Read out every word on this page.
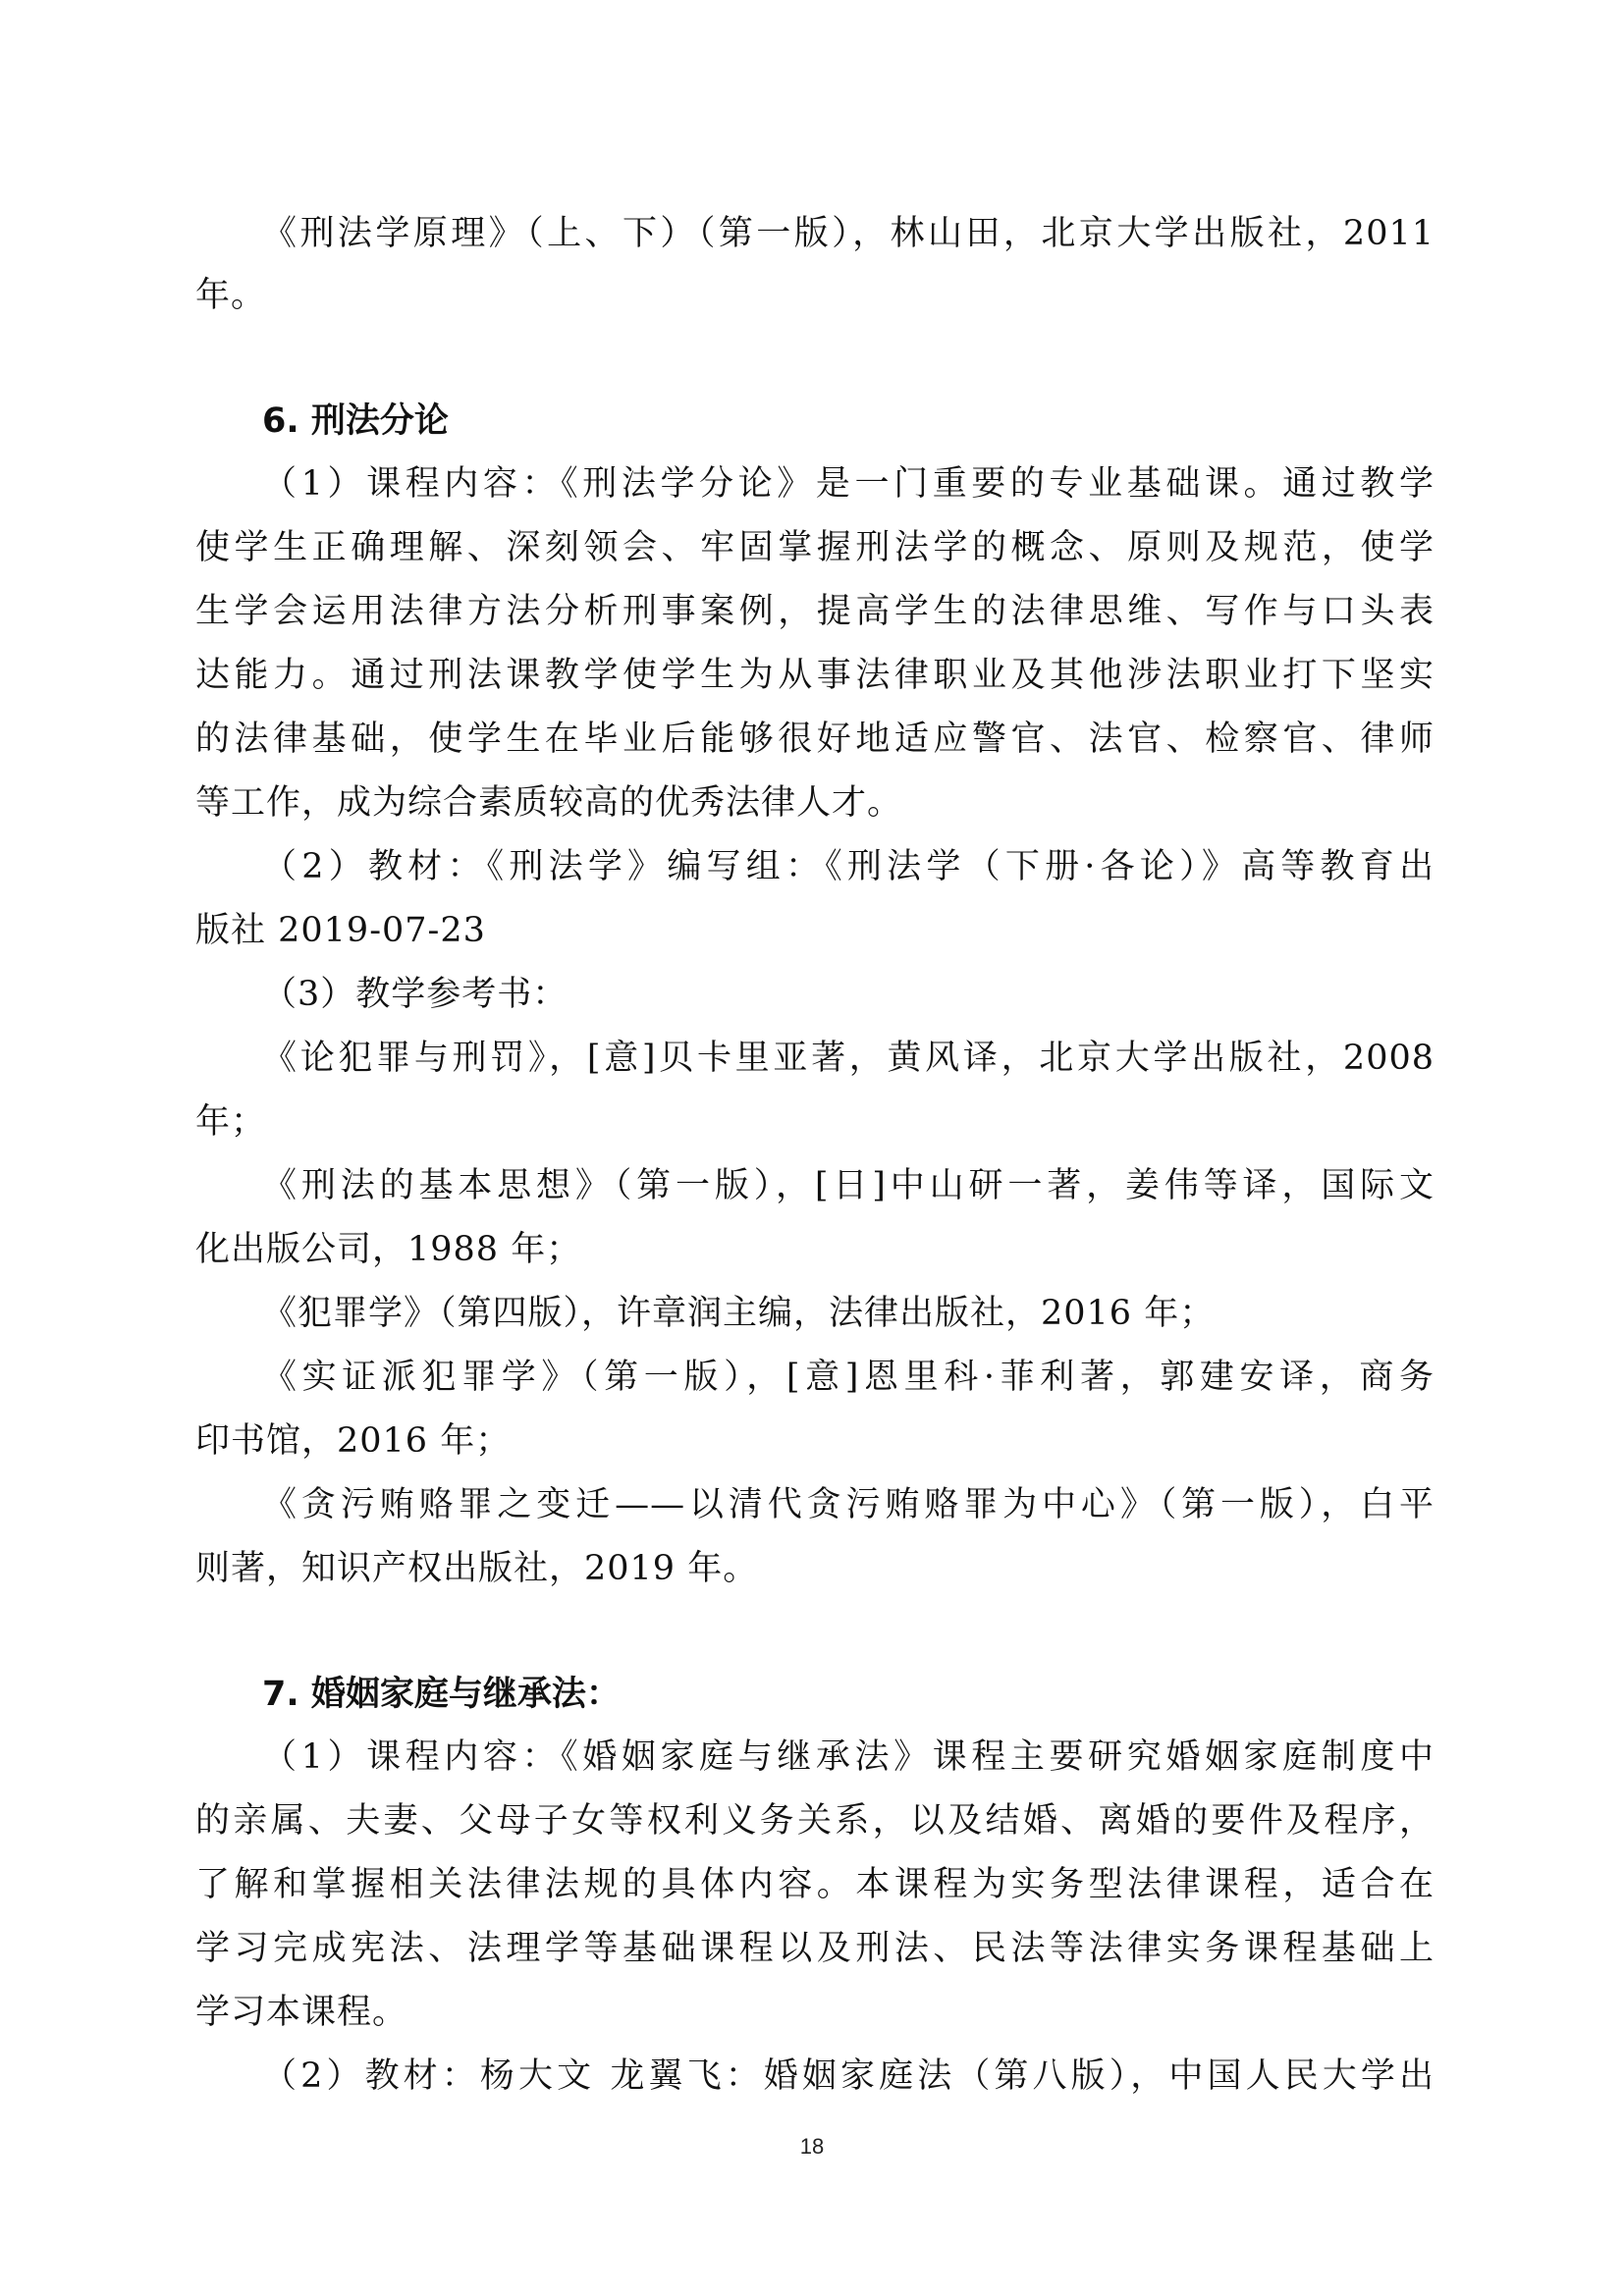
《刑法学原理》（上、下）（第一版），林山田，北京大学出版社，2011
年。
6. 刑法分论
（1）课程内容：《刑法学分论》是一门重要的专业基础课。通过教学
使学生正确理解、深刻领会、牢固掌握刑法学的概念、原则及规范，使学
生学会运用法律方法分析刑事案例，提高学生的法律思维、写作与口头表
达能力。通过刑法课教学使学生为从事法律职业及其他涉法职业打下坚实
的法律基础，使学生在毕业后能够很好地适应警官、法官、检察官、律师
等工作，成为综合素质较高的优秀法律人才。
（2）教材：《刑法学》编写组：《刑法学（下册·各论）》高等教育出
版社 2019-07-23
（3）教学参考书：
《论犯罪与刑罚》，[意]贝卡里亚著，黄风译，北京大学出版社，2008
年；
《刑法的基本思想》（第一版），[日]中山研一著，姜伟等译，国际文
化出版公司，1988 年；
《犯罪学》（第四版），许章润主编，法律出版社，2016 年；
《实证派犯罪学》（第一版），[意]恩里科·菲利著，郭建安译，商务
印书馆，2016 年；
《贪污贿赂罪之变迁——以清代贪污贿赂罪为中心》（第一版），白平
则著，知识产权出版社，2019 年。
7. 婚姻家庭与继承法：
（1）课程内容：《婚姻家庭与继承法》课程主要研究婚姻家庭制度中
的亲属、夫妻、父母子女等权利义务关系，以及结婚、离婚的要件及程序，
了解和掌握相关法律法规的具体内容。本课程为实务型法律课程，适合在
学习完成宪法、法理学等基础课程以及刑法、民法等法律实务课程基础上
学习本课程。
（2）教材：杨大文 龙翼飞：婚姻家庭法（第八版），中国人民大学出
18
